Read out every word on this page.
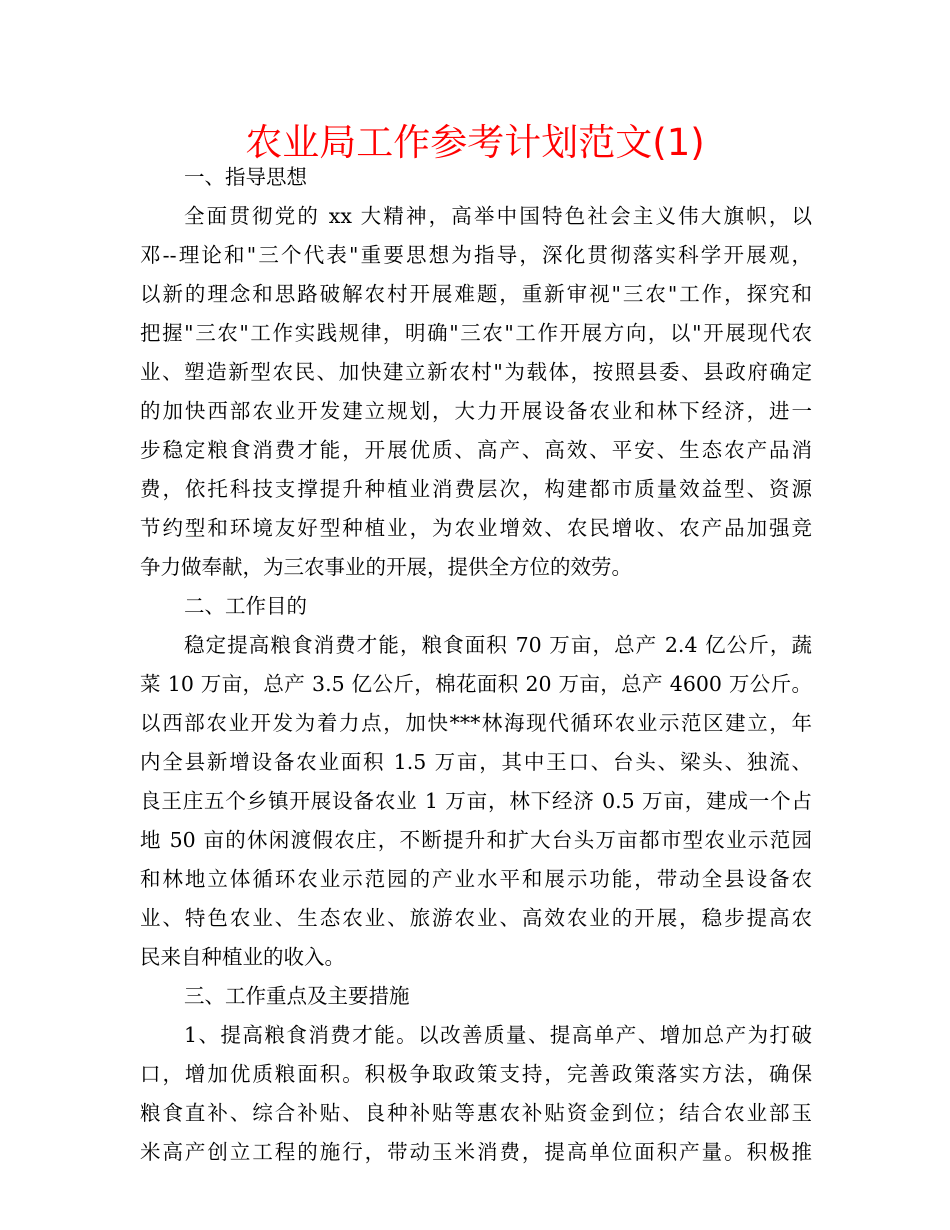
农业局工作参考计划范文(1)
一、指导思想
全面贯彻党的 xx 大精神，高举中国特色社会主义伟大旗帜，以
邓--理论和"三个代表"重要思想为指导，深化贯彻落实科学开展观，
以新的理念和思路破解农村开展难题，重新审视"三农"工作，探究和
把握"三农"工作实践规律，明确"三农"工作开展方向，以"开展现代农
业、塑造新型农民、加快建立新农村"为载体，按照县委、县政府确定
的加快西部农业开发建立规划，大力开展设备农业和林下经济，进一
步稳定粮食消费才能，开展优质、高产、高效、平安、生态农产品消
费，依托科技支撑提升种植业消费层次，构建都市质量效益型、资源
节约型和环境友好型种植业，为农业增效、农民增收、农产品加强竞
争力做奉献，为三农事业的开展，提供全方位的效劳。
二、工作目的
稳定提高粮食消费才能，粮食面积 70 万亩，总产 2.4 亿公斤，蔬
菜 10 万亩，总产 3.5 亿公斤，棉花面积 20 万亩，总产 4600 万公斤。
以西部农业开发为着力点，加快***林海现代循环农业示范区建立，年
内全县新增设备农业面积 1.5 万亩，其中王口、台头、梁头、独流、
良王庄五个乡镇开展设备农业 1 万亩，林下经济 0.5 万亩，建成一个占
地 50 亩的休闲渡假农庄，不断提升和扩大台头万亩都市型农业示范园
和林地立体循环农业示范园的产业水平和展示功能，带动全县设备农
业、特色农业、生态农业、旅游农业、高效农业的开展，稳步提高农
民来自种植业的收入。
三、工作重点及主要措施
1、提高粮食消费才能。以改善质量、提高单产、增加总产为打破
口，增加优质粮面积。积极争取政策支持，完善政策落实方法，确保
粮食直补、综合补贴、良种补贴等惠农补贴资金到位；结合农业部玉
米高产创立工程的施行，带动玉米消费，提高单位面积产量。积极推
